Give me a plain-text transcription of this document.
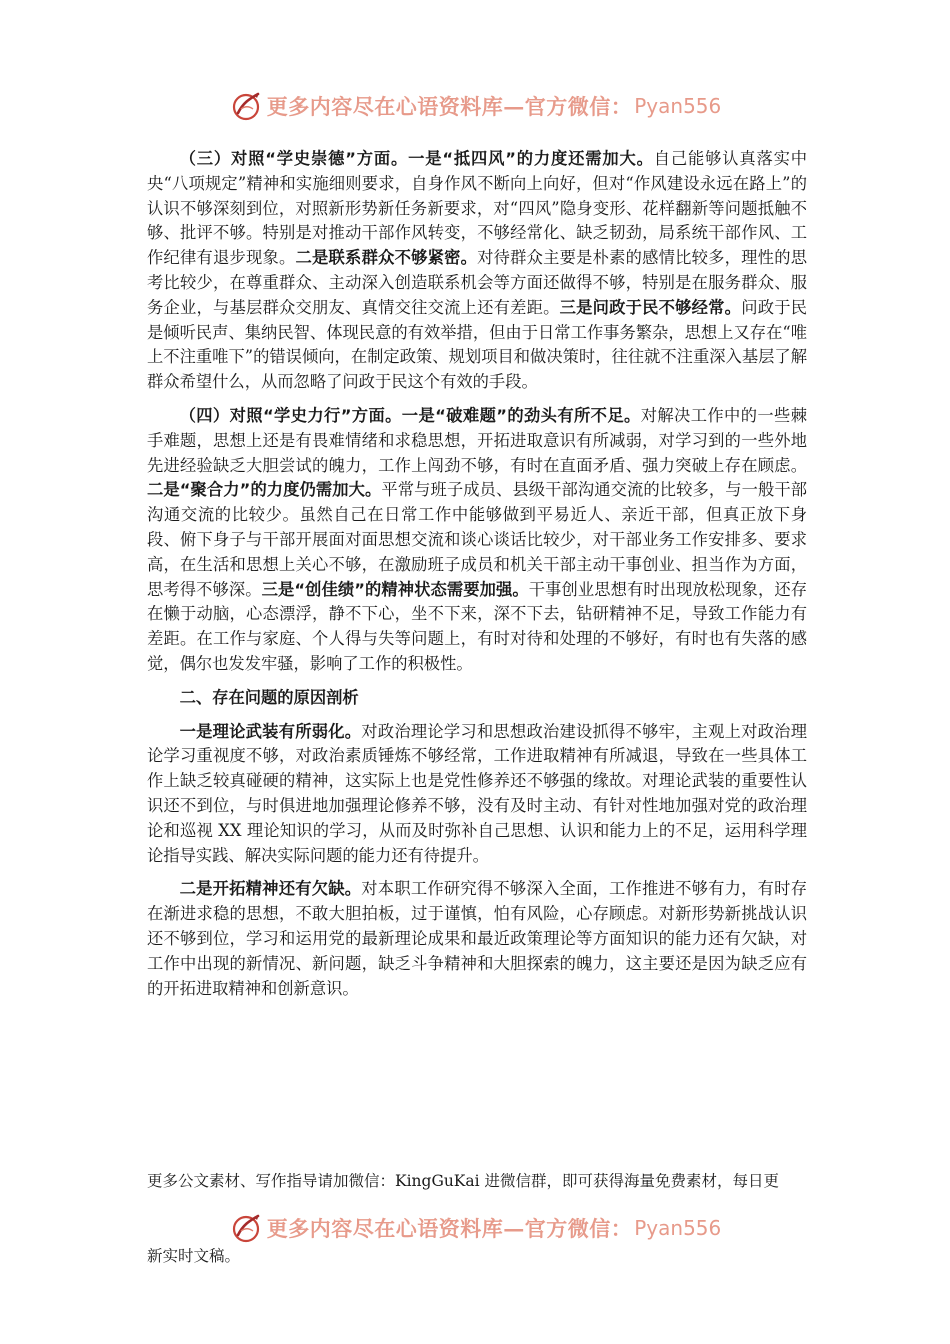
更多内容尽在心语资料库—官方微信： Pyan556

（三）对照“学史崇德”方面。一是“抵四风”的力度还需加大。自己能够认真落实中央“八项规定”精神和实施细则要求，自身作风不断向上向好，但对“作风建设永远在路上”的认识不够深刻到位，对照新形势新任务新要求，对“四风”隐身变形、花样翻新等问题抵触不够、批评不够。特别是对推动干部作风转变，不够经常化、缺乏韧劲，局系统干部作风、工作纪律有退步现象。二是联系群众不够紧密。对待群众主要是朴素的感情比较多，理性的思考比较少，在尊重群众、主动深入创造联系机会等方面还做得不够，特别是在服务群众、服务企业，与基层群众交朋友、真情交往交流上还有差距。三是问政于民不够经常。问政于民是倾听民声、集纳民智、体现民意的有效举措，但由于日常工作事务繁杂，思想上又存在“唯上不注重唯下”的错误倾向，在制定政策、规划项目和做决策时，往往就不注重深入基层了解群众希望什么，从而忽略了问政于民这个有效的手段。

（四）对照“学史力行”方面。一是“破难题”的劲头有所不足。对解决工作中的一些棘手难题，思想上还是有畏难情绪和求稳思想，开拓进取意识有所减弱，对学习到的一些外地先进经验缺乏大胆尝试的魄力，工作上闯劲不够，有时在直面矛盾、强力突破上存在顾虑。二是“聚合力”的力度仍需加大。平常与班子成员、县级干部沟通交流的比较多，与一般干部沟通交流的比较少。虽然自己在日常工作中能够做到平易近人、亲近干部，但真正放下身段、俯下身子与干部开展面对面思想交流和谈心谈话比较少，对干部业务工作安排多、要求高，在生活和思想上关心不够，在激励班子成员和机关干部主动干事创业、担当作为方面，思考得不够深。三是“创佳绩”的精神状态需要加强。干事创业思想有时出现放松现象，还存在懒于动脑，心态漂浮，静不下心，坐不下来，深不下去，钻研精神不足，导致工作能力有差距。在工作与家庭、个人得与失等问题上，有时对待和处理的不够好，有时也有失落的感觉，偶尔也发发牢骚，影响了工作的积极性。

二、存在问题的原因剖析

一是理论武装有所弱化。对政治理论学习和思想政治建设抓得不够牢，主观上对政治理论学习重视度不够，对政治素质锤炼不够经常，工作进取精神有所减退，导致在一些具体工作上缺乏较真碰硬的精神，这实际上也是党性修养还不够强的缘故。对理论武装的重要性认识还不到位，与时俱进地加强理论修养不够，没有及时主动、有针对性地加强对党的政治理论和巡视 XX 理论知识的学习，从而及时弥补自己思想、认识和能力上的不足，运用科学理论指导实践、解决实际问题的能力还有待提升。

二是开拓精神还有欠缺。对本职工作研究得不够深入全面，工作推进不够有力，有时存在渐进求稳的思想，不敢大胆拍板，过于谨慎，怕有风险，心存顾虑。对新形势新挑战认识还不够到位，学习和运用党的最新理论成果和最近政策理论等方面知识的能力还有欠缺，对工作中出现的新情况、新问题，缺乏斗争精神和大胆探索的魄力，这主要还是因为缺乏应有的开拓进取精神和创新意识。

更多公文素材、写作指导请加微信：KingGuKai 进微信群，即可获得海量免费素材，每日更
更多内容尽在心语资料库—官方微信： Pyan556
新实时文稿。
